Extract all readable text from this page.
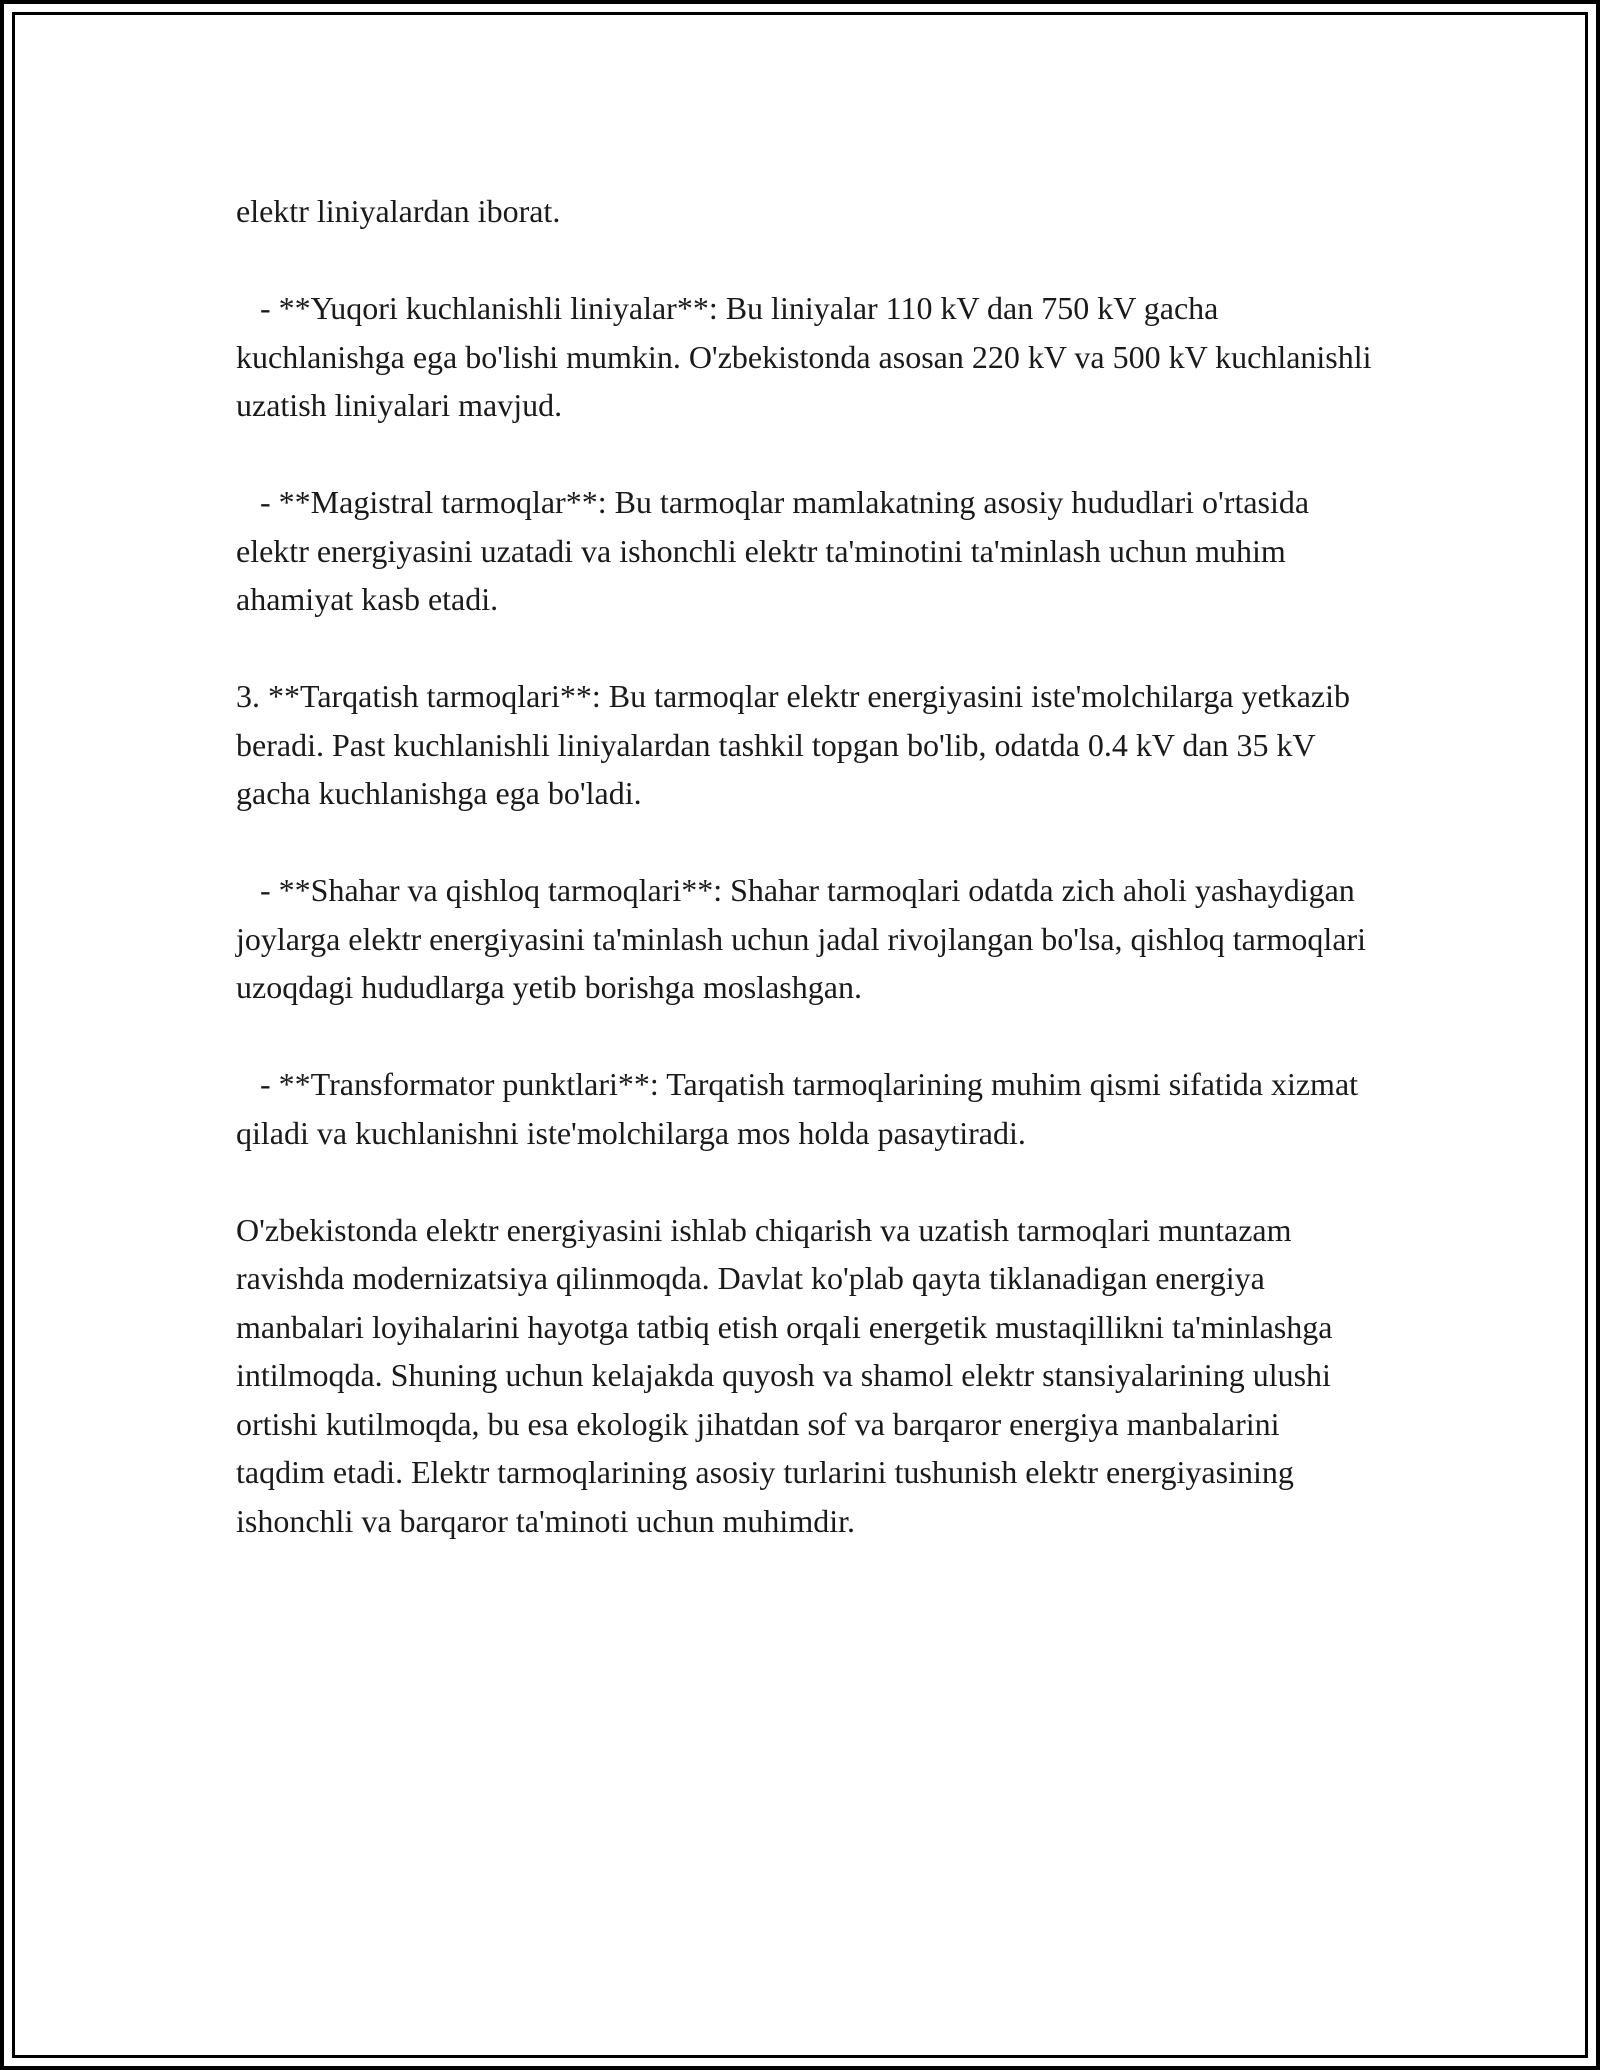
elektr liniyalardan iborat.

- **Yuqori kuchlanishli liniyalar**: Bu liniyalar 110 kV dan 750 kV gacha kuchlanishga ega bo'lishi mumkin. O'zbekistonda asosan 220 kV va 500 kV kuchlanishli uzatish liniyalari mavjud.

- **Magistral tarmoqlar**: Bu tarmoqlar mamlakatning asosiy hududlari o'rtasida elektr energiyasini uzatadi va ishonchli elektr ta'minotini ta'minlash uchun muhim ahamiyat kasb etadi.

3. **Tarqatish tarmoqlari**: Bu tarmoqlar elektr energiyasini iste'molchilarga yetkazib beradi. Past kuchlanishli liniyalardan tashkil topgan bo'lib, odatda 0.4 kV dan 35 kV gacha kuchlanishga ega bo'ladi.

- **Shahar va qishloq tarmoqlari**: Shahar tarmoqlari odatda zich aholi yashaydigan joylarga elektr energiyasini ta'minlash uchun jadal rivojlangan bo'lsa, qishloq tarmoqlari uzoqdagi hududlarga yetib borishga moslashgan.

- **Transformator punktlari**: Tarqatish tarmoqlarining muhim qismi sifatida xizmat qiladi va kuchlanishni iste'molchilarga mos holda pasaytiradi.

O'zbekistonda elektr energiyasini ishlab chiqarish va uzatish tarmoqlari muntazam ravishda modernizatsiya qilinmoqda. Davlat ko'plab qayta tiklanadigan energiya manbalari loyihalarini hayotga tatbiq etish orqali energetik mustaqillikni ta'minlashga intilmoqda. Shuning uchun kelajakda quyosh va shamol elektr stansiyalarining ulushi ortishi kutilmoqda, bu esa ekologik jihatdan sof va barqaror energiya manbalarini taqdim etadi. Elektr tarmoqlarining asosiy turlarini tushunish elektr energiyasining ishonchli va barqaror ta'minoti uchun muhimdir.
